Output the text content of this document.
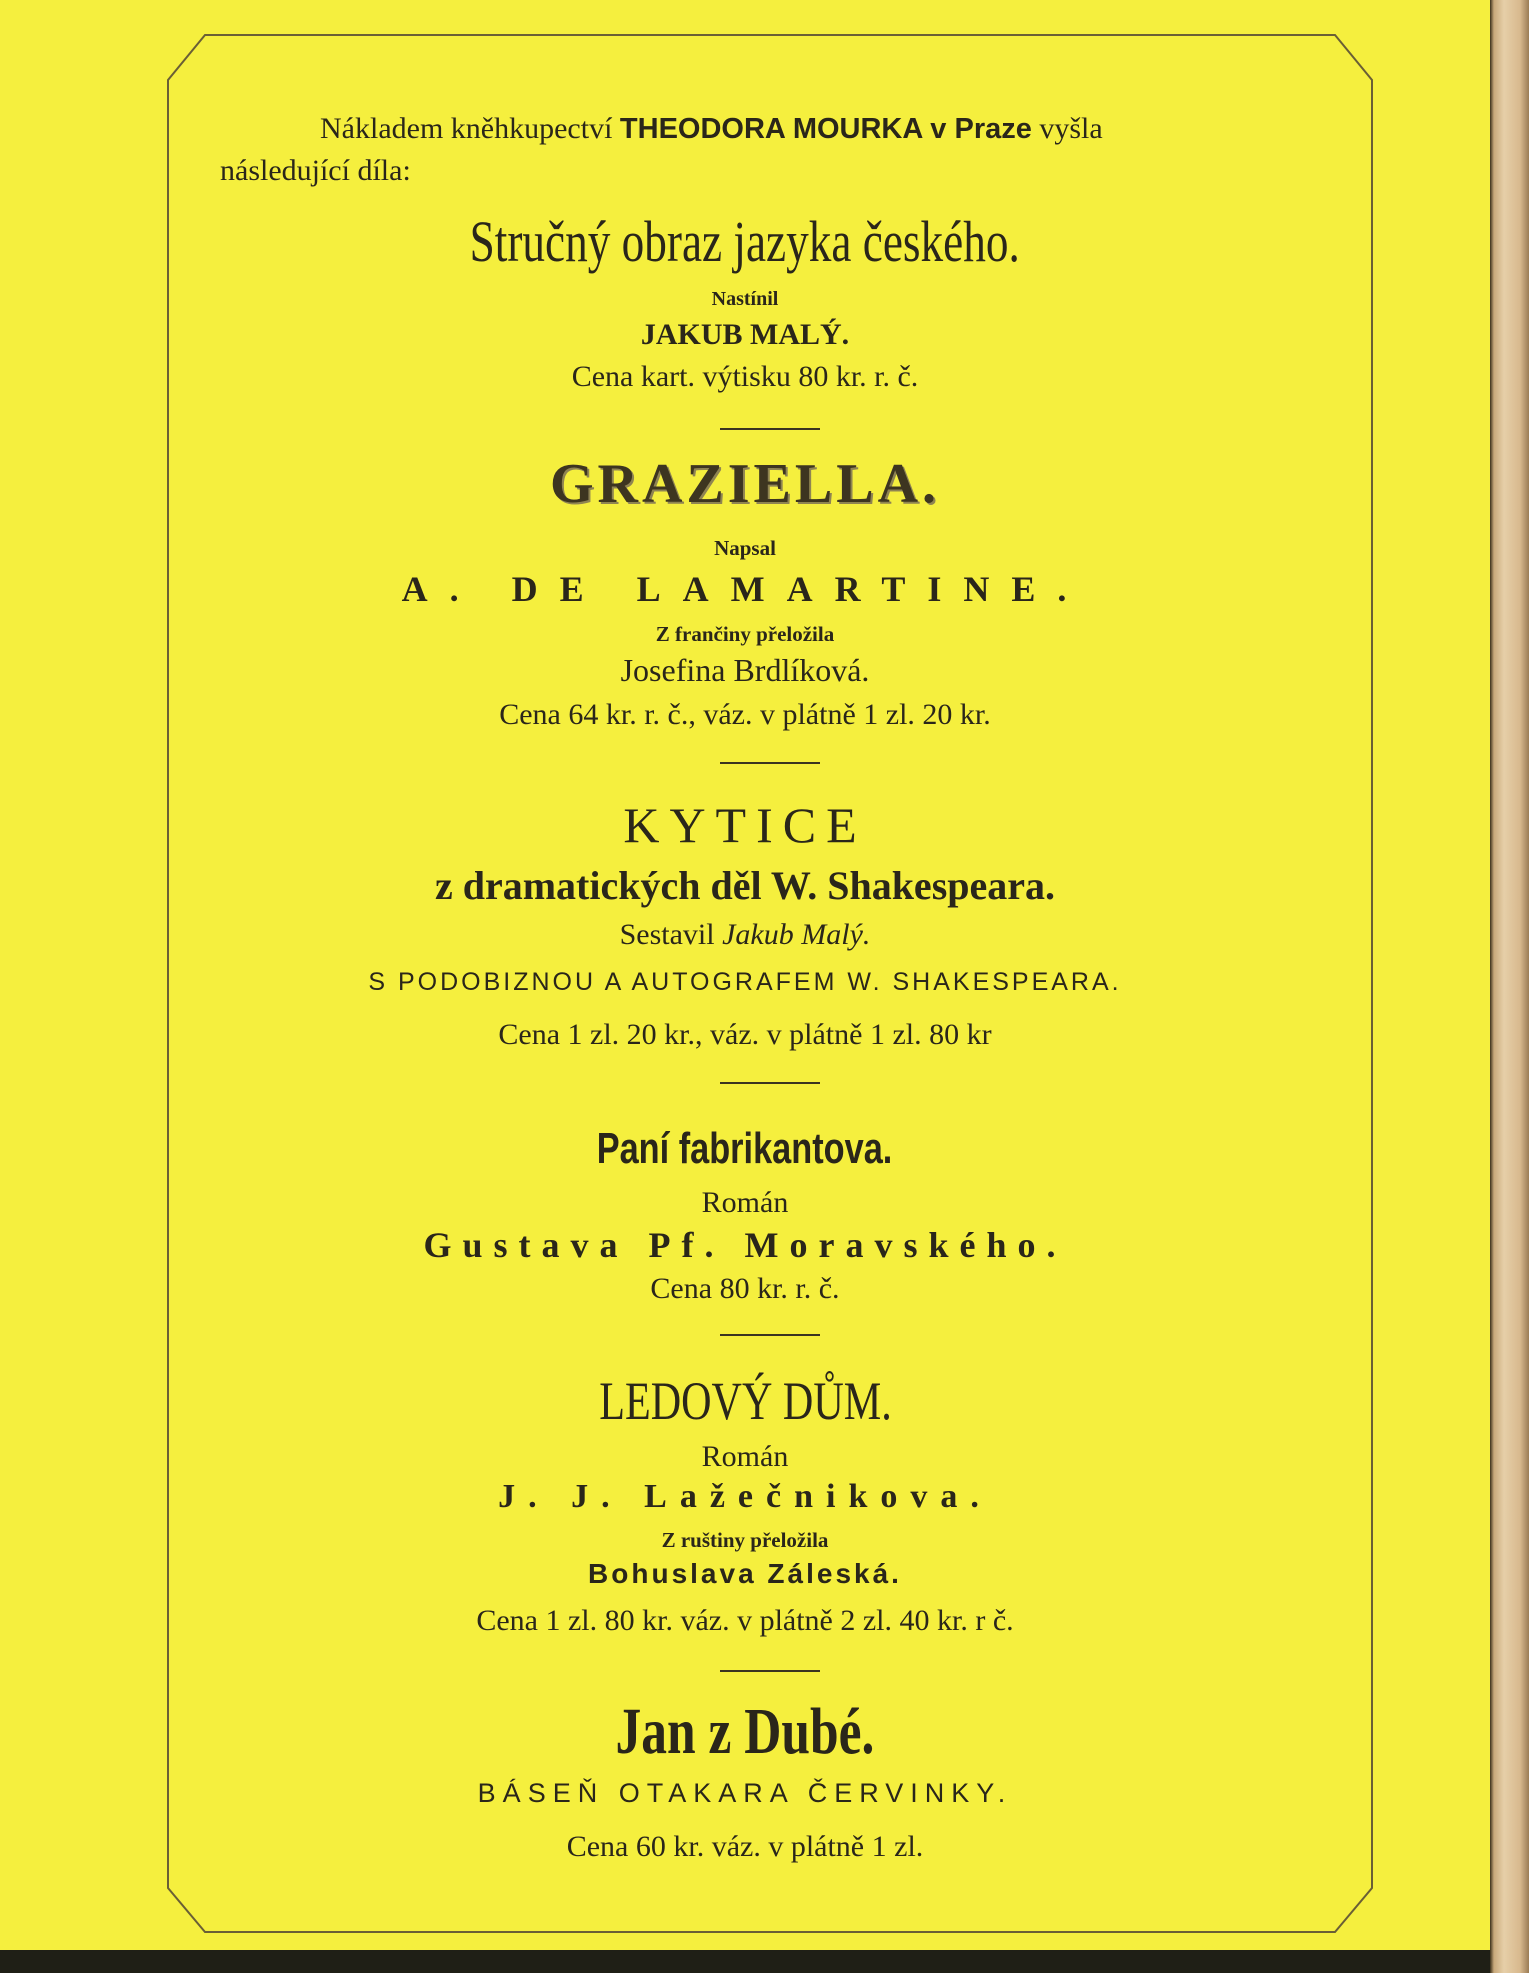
Nákladem kněhkupectví THEODORA MOURKA v Praze vyšla
následující díla:
Stručný obraz jazyka českého.
Nastínil
JAKUB MALÝ.
Cena kart. výtisku 80 kr. r. č.
GRAZIELLA.
Napsal
A. DE LAMARTINE.
Z frančiny přeložila
Josefina Brdlíková.
Cena 64 kr. r. č., váz. v plátně 1 zl. 20 kr.
KYTICE
z dramatických děl W. Shakespeara.
Sestavil Jakub Malý.
S PODOBIZNOU A AUTOGRAFEM W. SHAKESPEARA.
Cena 1 zl. 20 kr., váz. v plátně 1 zl. 80 kr
Paní fabrikantova.
Román
Gustava Pf. Moravského.
Cena 80 kr. r. č.
LEDOVÝ DŮM.
Román
J. J. Lažečnikova.
Z ruštiny přeložila
Bohuslava Záleská.
Cena 1 zl. 80 kr. váz. v plátně 2 zl. 40 kr. r č.
Jan z Dubé.
BÁSEŇ OTAKARA ČERVINKY.
Cena 60 kr. váz. v plátně 1 zl.
